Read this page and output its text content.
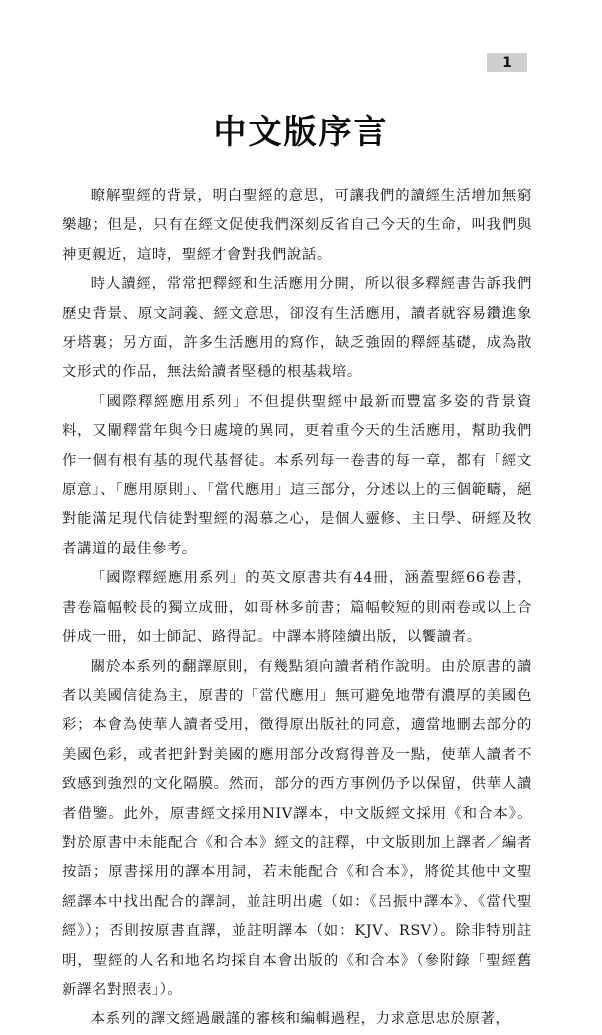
1
中文版序言

瞭解聖經的背景，明白聖經的意思，可讓我們的讀經生活增加無窮樂趣；但是，只有在經文促使我們深刻反省自己今天的生命，叫我們與神更親近，這時，聖經才會對我們說話。

時人讀經，常常把釋經和生活應用分開，所以很多釋經書告訴我們歷史背景、原文詞義、經文意思，卻沒有生活應用，讀者就容易鑽進象牙塔裏；另方面，許多生活應用的寫作，缺乏強固的釋經基礎，成為散文形式的作品，無法給讀者堅穩的根基栽培。

「國際釋經應用系列」不但提供聖經中最新而豐富多姿的背景資料，又闡釋當年與今日處境的異同，更着重今天的生活應用，幫助我們作一個有根有基的現代基督徒。本系列每一卷書的每一章，都有「經文原意」、「應用原則」、「當代應用」這三部分，分述以上的三個範疇，絕對能滿足現代信徒對聖經的渴慕之心，是個人靈修、主日學、研經及牧者講道的最佳參考。

「國際釋經應用系列」的英文原書共有44冊，涵蓋聖經66卷書，書卷篇幅較長的獨立成冊，如哥林多前書；篇幅較短的則兩卷或以上合併成一冊，如士師記、路得記。中譯本將陸續出版，以饗讀者。

關於本系列的翻譯原則，有幾點須向讀者稍作說明。由於原書的讀者以美國信徒為主，原書的「當代應用」無可避免地帶有濃厚的美國色彩；本會為使華人讀者受用，徵得原出版社的同意，適當地刪去部分的美國色彩，或者把針對美國的應用部分改寫得普及一點，使華人讀者不致感到強烈的文化隔膜。然而，部分的西方事例仍予以保留，供華人讀者借鑒。此外，原書經文採用NIV譯本，中文版經文採用《和合本》。對於原書中未能配合《和合本》經文的註釋，中文版則加上譯者／編者按語；原書採用的譯本用詞，若未能配合《和合本》，將從其他中文聖經譯本中找出配合的譯詞，並註明出處（如：《呂振中譯本》、《當代聖經》）；否則按原書直譯，並註明譯本（如：KJV、RSV）。除非特別註明，聖經的人名和地名均採自本會出版的《和合本》（參附錄「聖經舊新譯名對照表」）。

本系列的譯文經過嚴謹的審核和編輯過程，力求意思忠於原著，
